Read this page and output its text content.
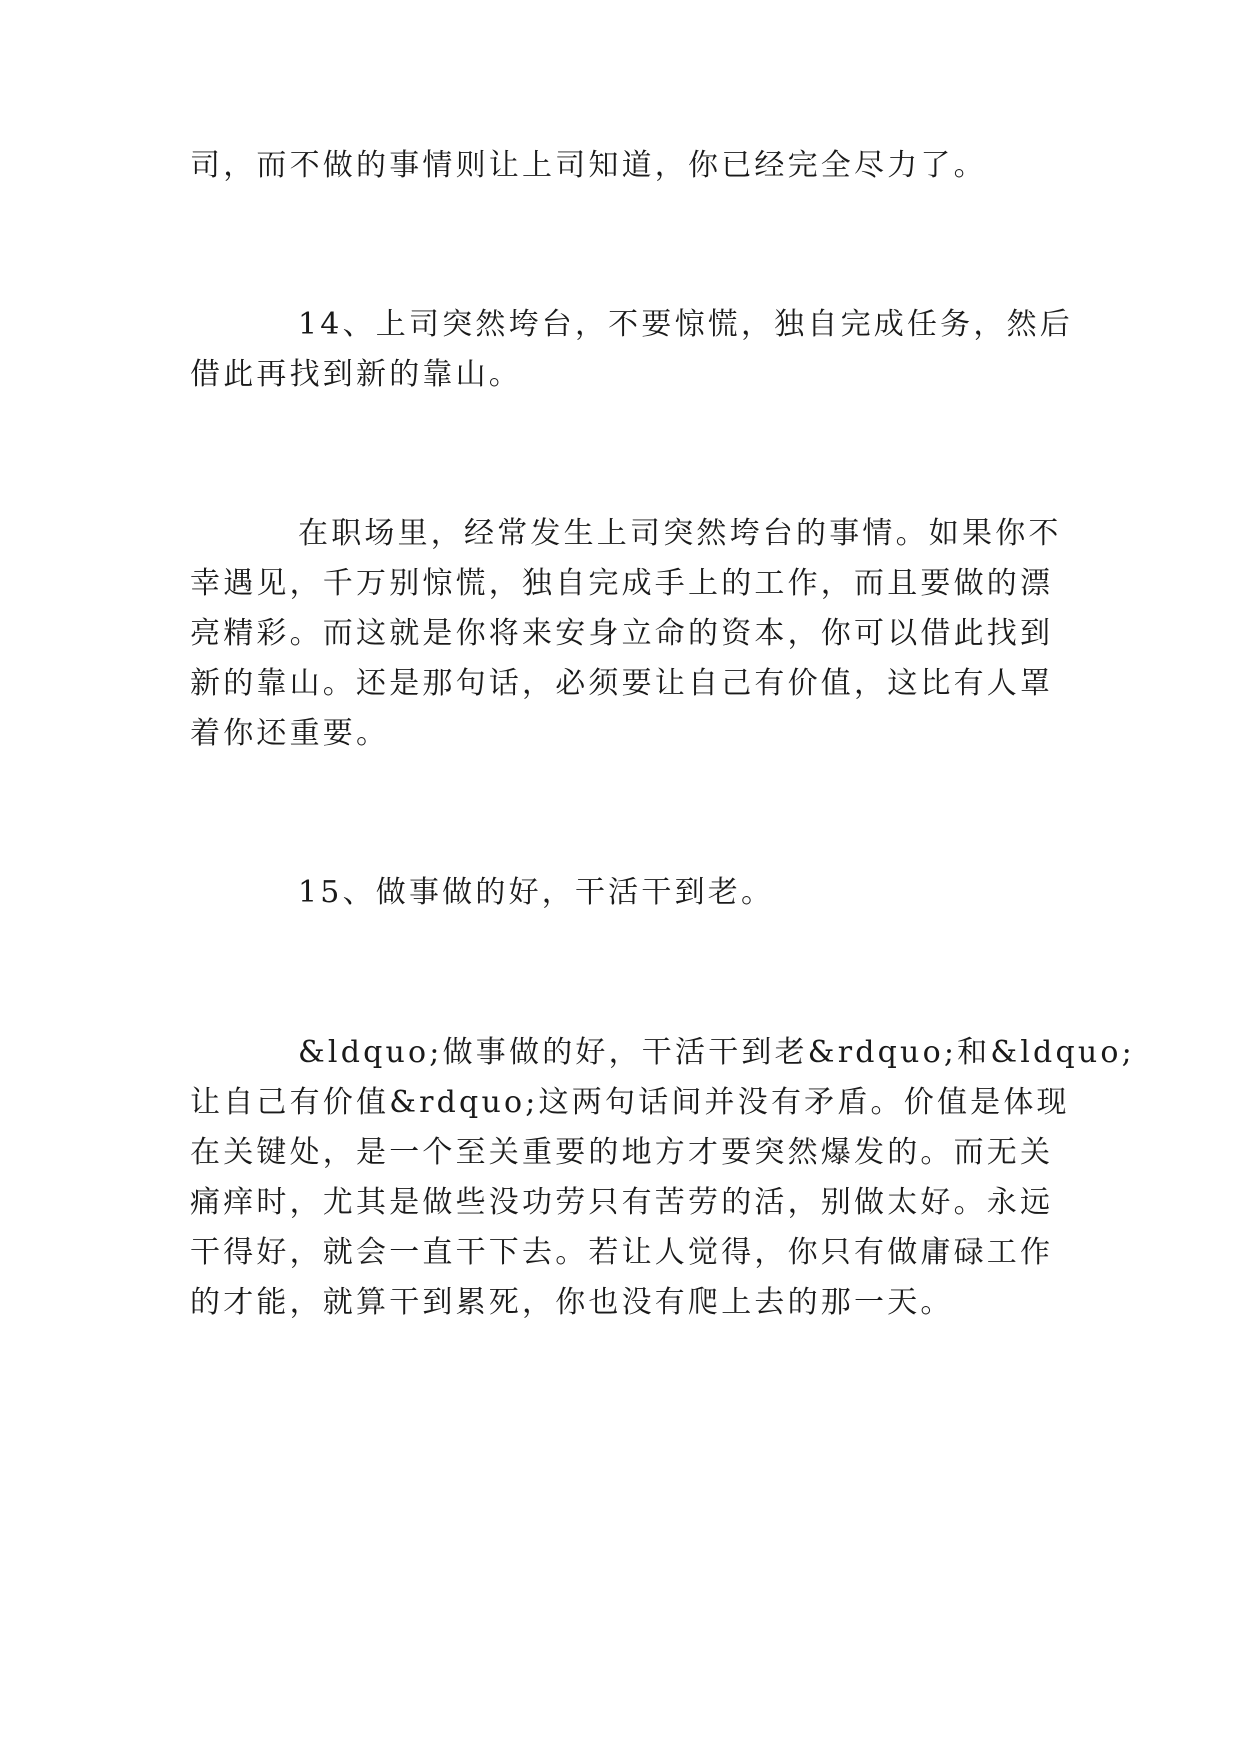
司，而不做的事情则让上司知道，你已经完全尽力了。
14、上司突然垮台，不要惊慌，独自完成任务，然后
借此再找到新的靠山。
在职场里，经常发生上司突然垮台的事情。如果你不
幸遇见，千万别惊慌，独自完成手上的工作，而且要做的漂
亮精彩。而这就是你将来安身立命的资本，你可以借此找到
新的靠山。还是那句话，必须要让自己有价值，这比有人罩
着你还重要。
15、做事做的好，干活干到老。
&ldquo;做事做的好，干活干到老&rdquo;和&ldquo;
让自己有价值&rdquo;这两句话间并没有矛盾。价值是体现
在关键处，是一个至关重要的地方才要突然爆发的。而无关
痛痒时，尤其是做些没功劳只有苦劳的活，别做太好。永远
干得好，就会一直干下去。若让人觉得，你只有做庸碌工作
的才能，就算干到累死，你也没有爬上去的那一天。
